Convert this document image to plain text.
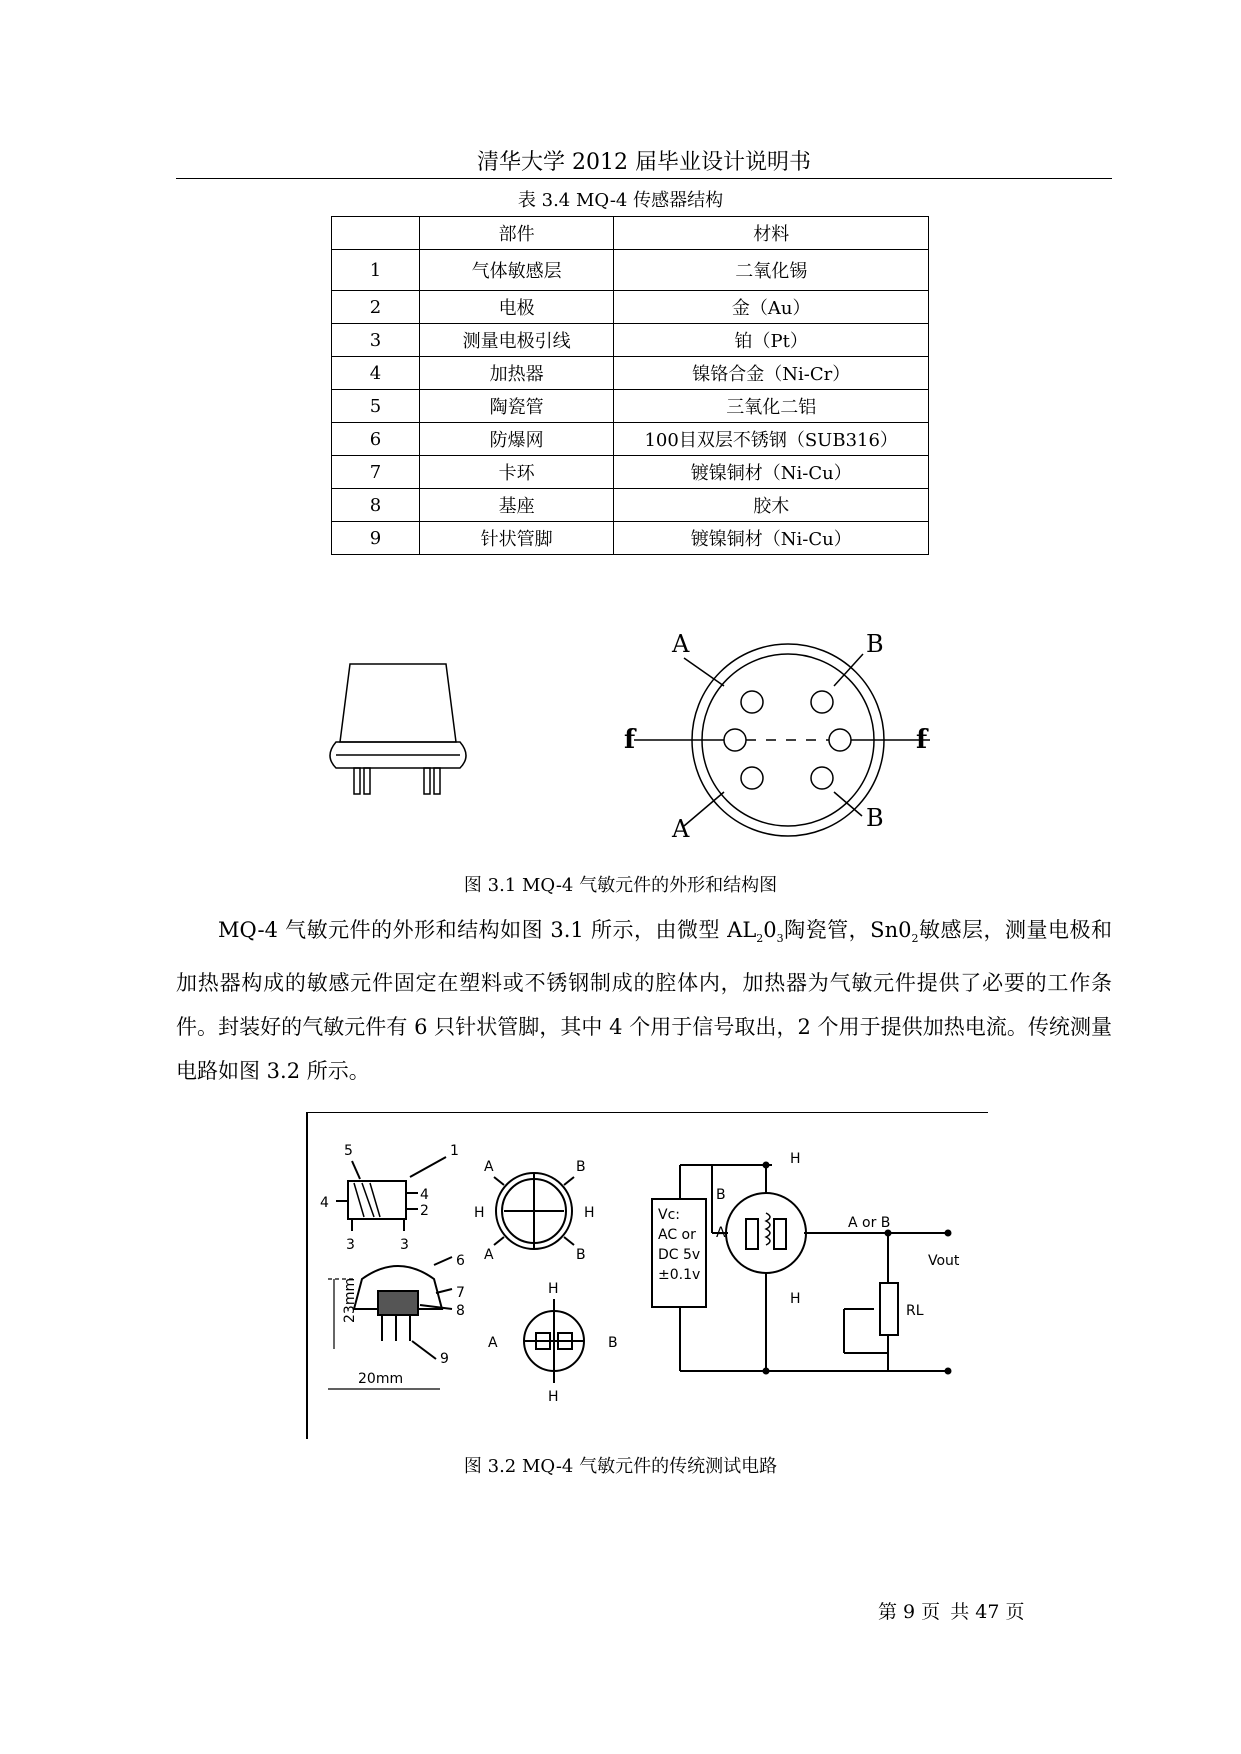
清华大学 2012 届毕业设计说明书
表 3.4 MQ-4 传感器结构
	部件	材料
1	气体敏感层	二氧化锡
2	电极	金（Au）
3	测量电极引线	铂（Pt）
4	加热器	镍铬合金（Ni-Cr）
5	陶瓷管	三氧化二铝
6	防爆网	100目双层不锈钢（SUB316）
7	卡环	镀镍铜材（Ni-Cu）
8	基座	胶木
9	针状管脚	镀镍铜材（Ni-Cu）
A	B
f	f
A	B
图 3.1 MQ-4 气敏元件的外形和结构图

MQ-4 气敏元件的外形和结构如图 3.1 所示，由微型 $AL_20_3$陶瓷管，$Sn0_2$敏感层，测量电极和加热器构成的敏感元件固定在塑料或不锈钢制成的腔体内，加热器为气敏元件提供了必要的工作条件。封装好的气敏元件有 6 只针状管脚，其中 4 个用于信号取出，2 个用于提供加热电流。传统测量电路如图 3.2 所示。

5	1
4	4
2
3	3
6
7
8
9
20mm
23mm
A	B
H	H
A	B
H
A	B
H
Vc:
AC or
DC 5v
±0.1v
B
A
H
H
A or B
Vout
RL
图 3.2 MQ-4 气敏元件的传统测试电路
第 9 页 共 47 页
